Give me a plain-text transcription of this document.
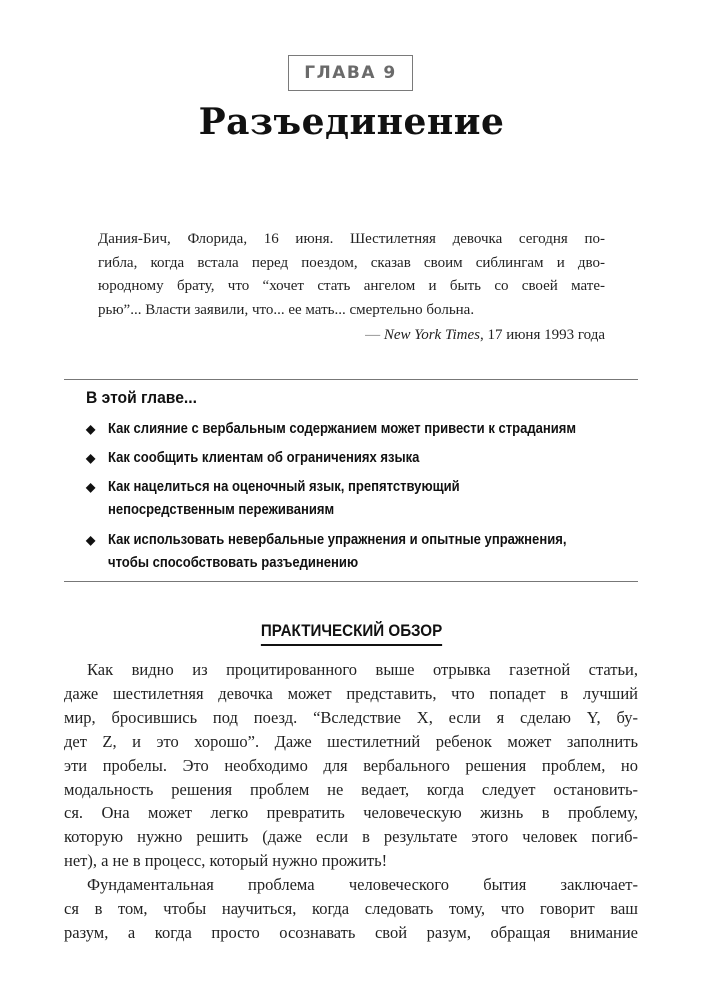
ГЛАВА 9
Разъединение
Дания-Бич, Флорида, 16 июня. Шестилетняя девочка сегодня по-
гибла, когда встала перед поездом, сказав своим сиблингам и дво-
юродному брату, что “хочет стать ангелом и быть со своей мате-
рью”... Власти заявили, что... ее мать... смертельно больна.
— New York Times, 17 июня 1993 года
В этой главе...
◆ Как слияние с вербальным содержанием может привести к страданиям
◆ Как сообщить клиентам об ограничениях языка
◆ Как нацелиться на оценочный язык, препятствующий
непосредственным переживаниям
◆ Как использовать невербальные упражнения и опытные упражнения,
чтобы способствовать разъединению
ПРАКТИЧЕСКИЙ ОБЗОР
Как видно из процитированного выше отрывка газетной статьи,
даже шестилетняя девочка может представить, что попадет в лучший
мир, бросившись под поезд. “Вследствие X, если я сделаю Y, бу-
дет Z, и это хорошо”. Даже шестилетний ребенок может заполнить
эти пробелы. Это необходимо для вербального решения проблем, но
модальность решения проблем не ведает, когда следует остановить-
ся. Она может легко превратить человеческую жизнь в проблему,
которую нужно решить (даже если в результате этого человек погиб-
нет), а не в процесс, который нужно прожить!
Фундаментальная проблема человеческого бытия заключает-
ся в том, чтобы научиться, когда следовать тому, что говорит ваш
разум, а когда просто осознавать свой разум, обращая внимание
